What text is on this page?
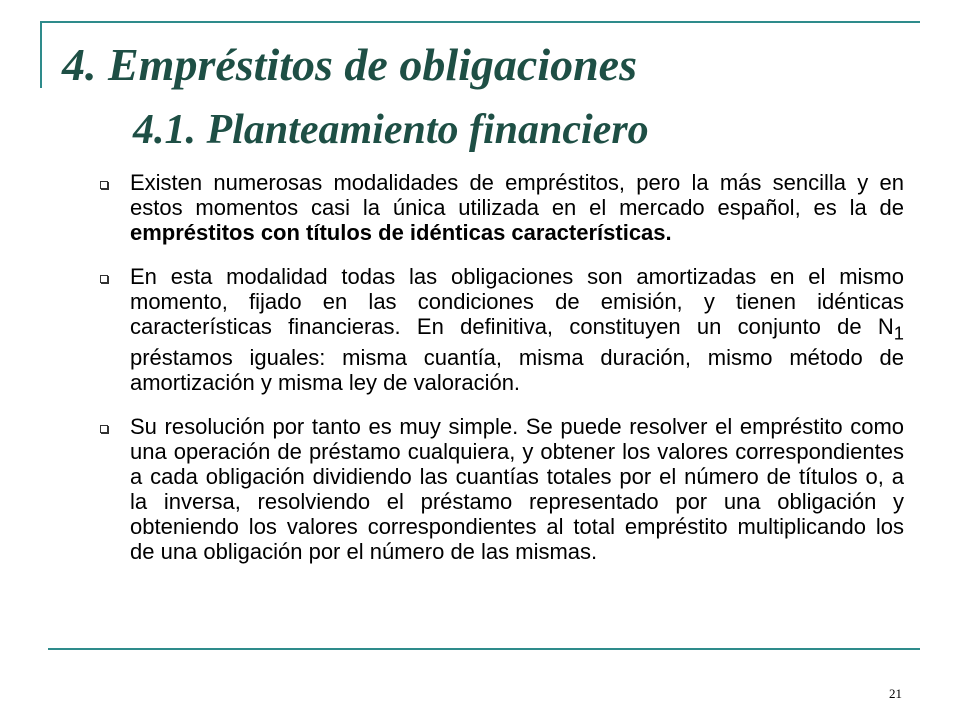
4. Empréstitos de obligaciones
4.1. Planteamiento financiero
Existen numerosas modalidades de empréstitos, pero la más sencilla y en estos momentos casi la única utilizada en el mercado español, es la de empréstitos con títulos de idénticas características.
En esta modalidad todas las obligaciones son amortizadas en el mismo momento, fijado en las condiciones de emisión, y tienen idénticas características financieras. En definitiva, constituyen un conjunto de $N_1$ préstamos iguales: misma cuantía, misma duración, mismo método de amortización y misma ley de valoración.
Su resolución por tanto es muy simple. Se puede resolver el empréstito como una operación de préstamo cualquiera, y obtener los valores correspondientes a cada obligación dividiendo las cuantías totales por el número de títulos o, a la inversa, resolviendo el préstamo representado por una obligación y obteniendo los valores correspondientes al total empréstito multiplicando los de una obligación por el número de las mismas.
21
